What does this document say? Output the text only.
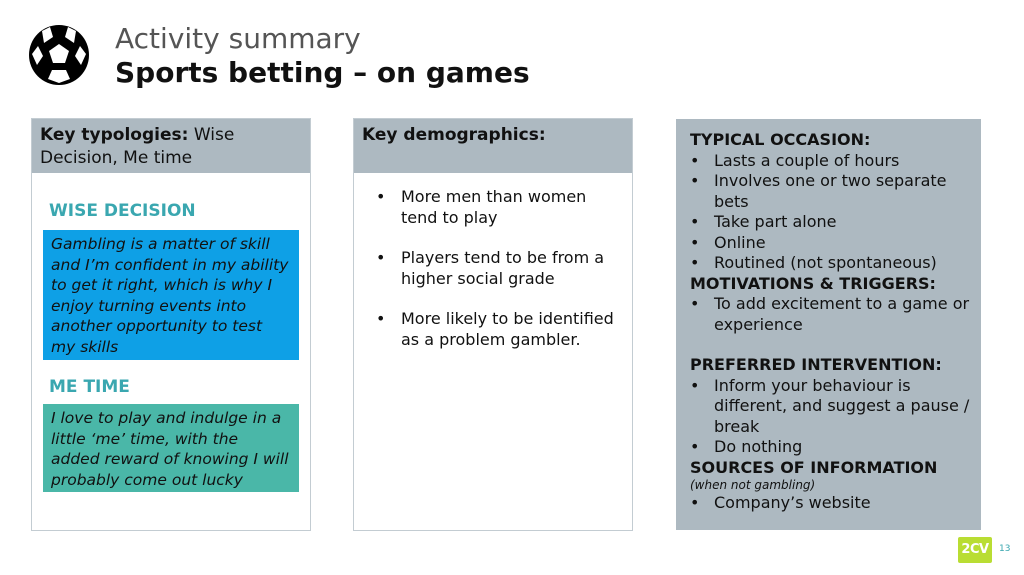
Activity summary
Sports betting – on games
Key typologies: Wise Decision, Me time
WISE DECISION
Gambling is a matter of skill and I’m confident in my ability to get it right, which is why I enjoy turning events into another opportunity to test my skills
ME TIME
I love to play and indulge in a little ‘me’ time, with the added reward of knowing I will probably come out lucky
Key demographics:
• More men than women tend to play
• Players tend to be from a higher social grade
• More likely to be identified as a problem gambler.
TYPICAL OCCASION:
• Lasts a couple of hours
• Involves one or two separate bets
• Take part alone
• Online
• Routined (not spontaneous)
MOTIVATIONS & TRIGGERS:
• To add excitement to a game or experience
PREFERRED INTERVENTION:
• Inform your behaviour is different, and suggest a pause / break
• Do nothing
SOURCES OF INFORMATION
(when not gambling)
• Company’s website
2CV	13
